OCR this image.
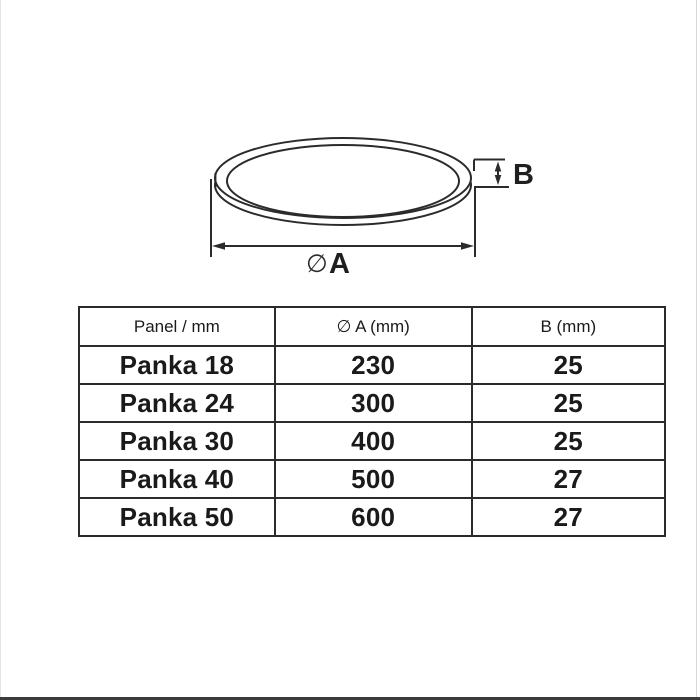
∅ A
B
Panel / mm	∅ A (mm)	B (mm)
Panka 18	230	25
Panka 24	300	25
Panka 30	400	25
Panka 40	500	27
Panka 50	600	27
